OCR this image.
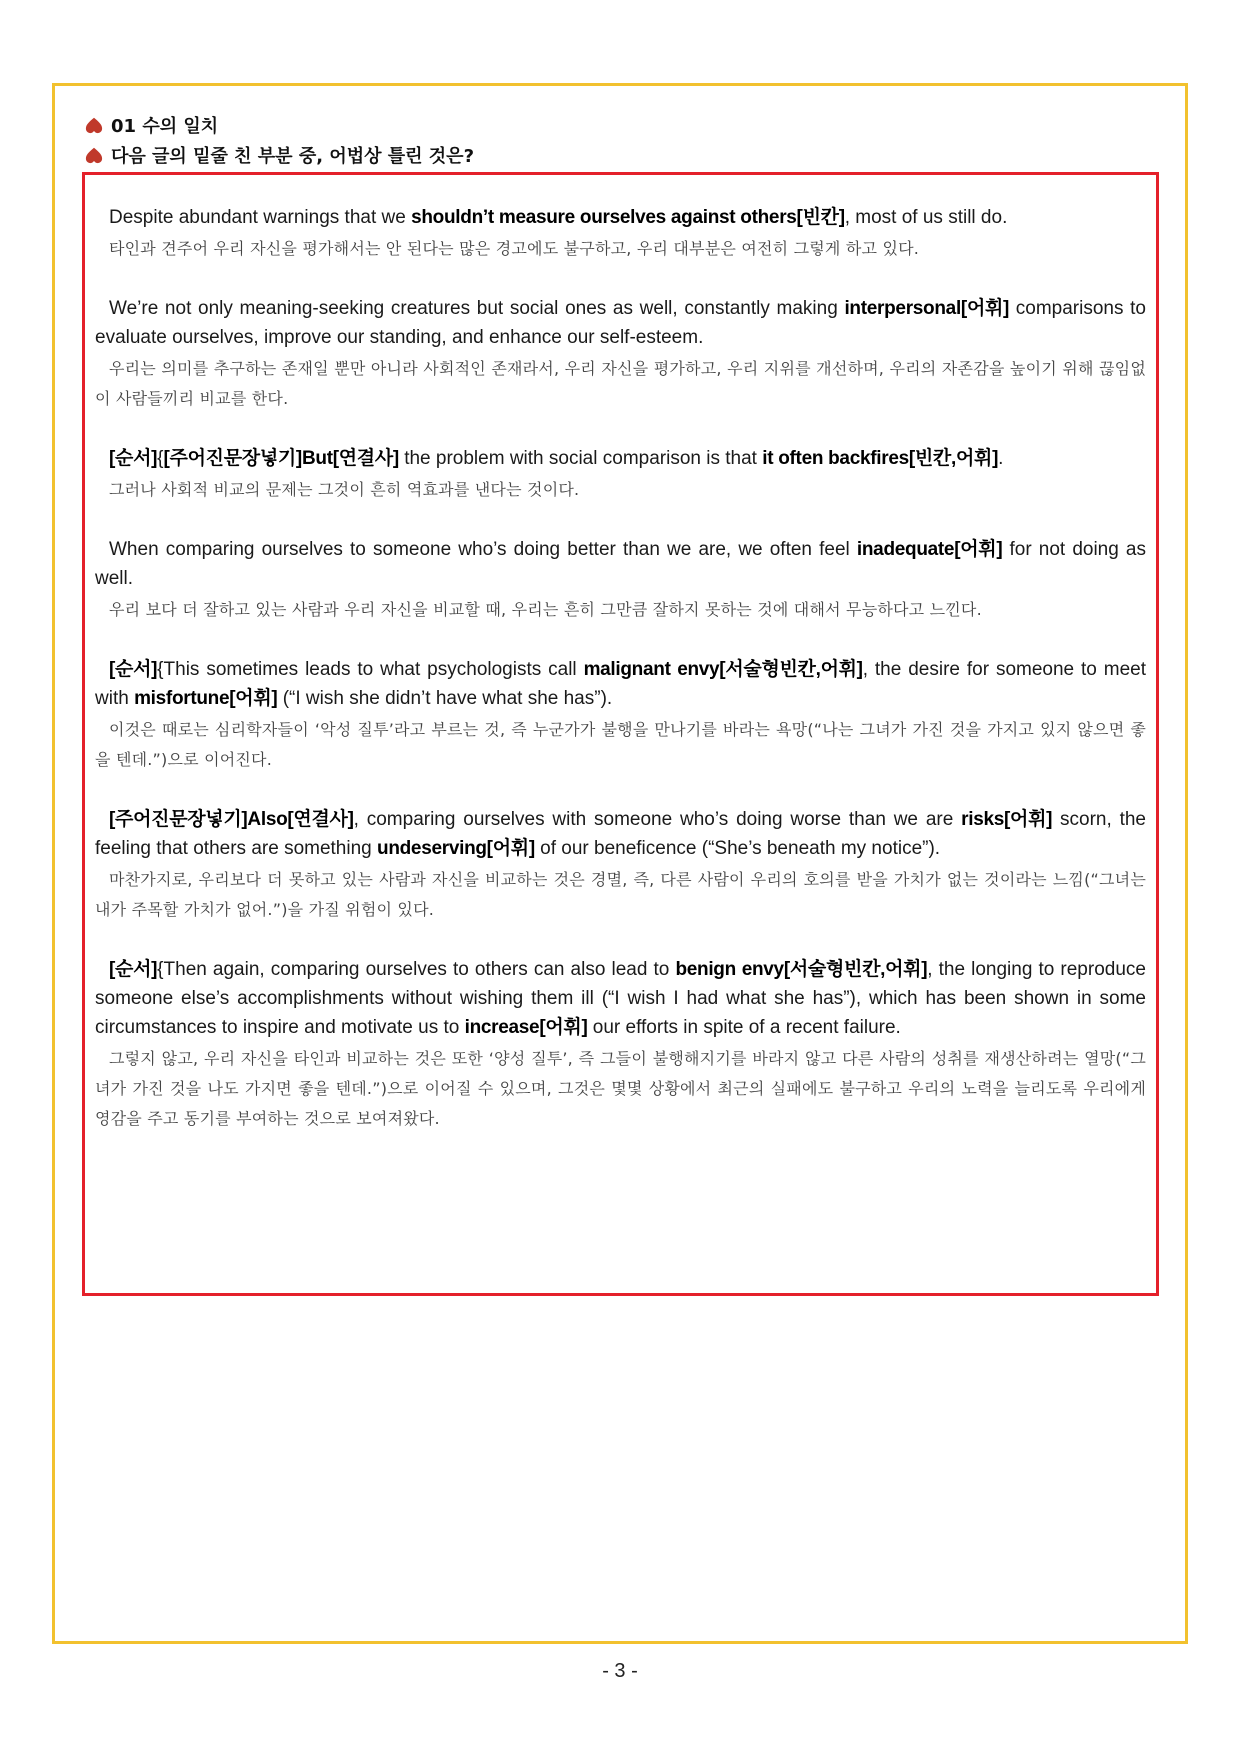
01 수의 일치
다음 글의 밑줄 친 부분 중, 어법상 틀린 것은?
Despite abundant warnings that we shouldn’t measure ourselves against others[빈칸], most of us still do.
타인과 견주어 우리 자신을 평가해서는 안 된다는 많은 경고에도 불구하고, 우리 대부분은 여전히 그렇게 하고 있다.
We’re not only meaning-seeking creatures but social ones as well, constantly making interpersonal[어휘] comparisons to evaluate ourselves, improve our standing, and enhance our self-esteem.
우리는 의미를 추구하는 존재일 뿐만 아니라 사회적인 존재라서, 우리 자신을 평가하고, 우리 지위를 개선하며, 우리의 자존감을 높이기 위해 끊임없이 사람들끼리 비교를 한다.
[순서]{[주어진문장넣기]But[연결사] the problem with social comparison is that it often backfires[빈칸,어휘].
그러나 사회적 비교의 문제는 그것이 흔히 역효과를 낸다는 것이다.
When comparing ourselves to someone who’s doing better than we are, we often feel inadequate[어휘] for not doing as well.
우리 보다 더 잘하고 있는 사람과 우리 자신을 비교할 때, 우리는 흔히 그만큼 잘하지 못하는 것에 대해서 무능하다고 느낀다.
[순서]{This sometimes leads to what psychologists call malignant envy[서술형빈칸,어휘], the desire for someone to meet with misfortune[어휘] (“I wish she didn’t have what she has”).
이것은 때로는 심리학자들이 ‘악성 질투’라고 부르는 것, 즉 누군가가 불행을 만나기를 바라는 욕망(“나는 그녀가 가진 것을 가지고 있지 않으면 좋을 텐데.”)으로 이어진다.
[주어진문장넣기]Also[연결사], comparing ourselves with someone who’s doing worse than we are risks[어휘] scorn, the feeling that others are something undeserving[어휘] of our beneficence (“She’s beneath my notice”).
마찬가지로, 우리보다 더 못하고 있는 사람과 자신을 비교하는 것은 경멸, 즉, 다른 사람이 우리의 호의를 받을 가치가 없는 것이라는 느낌(“그녀는 내가 주목할 가치가 없어.”)을 가질 위험이 있다.
[순서]{Then again, comparing ourselves to others can also lead to benign envy[서술형빈칸,어휘], the longing to reproduce someone else’s accomplishments without wishing them ill (“I wish I had what she has”), which has been shown in some circumstances to inspire and motivate us to increase[어휘] our efforts in spite of a recent failure.
그렇지 않고, 우리 자신을 타인과 비교하는 것은 또한 ‘양성 질투’, 즉 그들이 불행해지기를 바라지 않고 다른 사람의 성취를 재생산하려는 열망(“그 녀가 가진 것을 나도 가지면 좋을 텐데.”)으로 이어질 수 있으며, 그것은 몇몇 상황에서 최근의 실패에도 불구하고 우리의 노력을 늘리도록 우리에게 영감을 주고 동기를 부여하는 것으로 보여져왔다.
- 3 -
